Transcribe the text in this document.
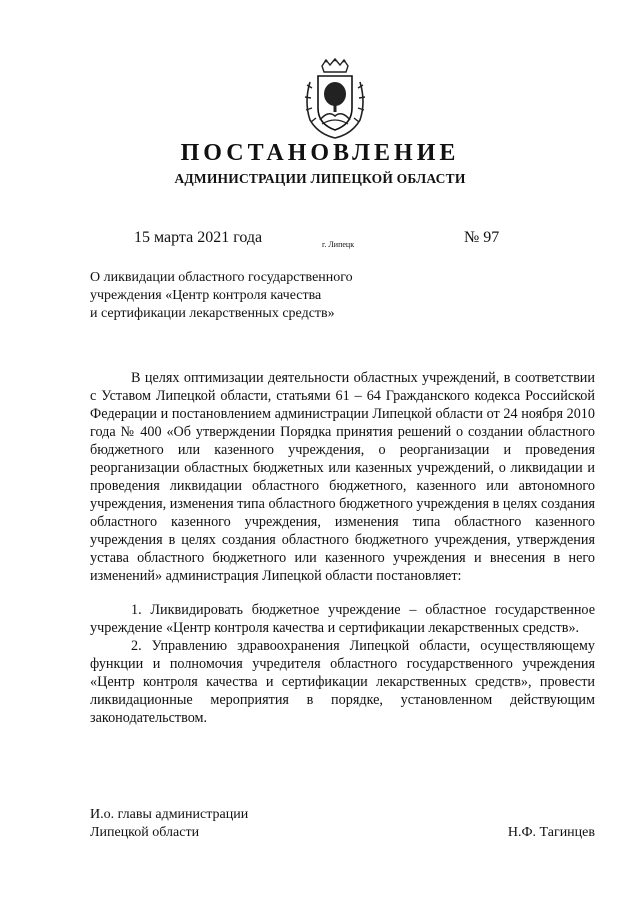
ПОСТАНОВЛЕНИЕ
АДМИНИСТРАЦИИ ЛИПЕЦКОЙ ОБЛАСТИ
15 марта 2021 года	г. Липецк	№ 97
О ликвидации областного государственного
учреждения «Центр контроля качества
и сертификации лекарственных средств»

В целях оптимизации деятельности областных учреждений, в соответствии с Уставом Липецкой области, статьями 61 – 64 Гражданского кодекса Российской Федерации и постановлением администрации Липецкой области от 24 ноября 2010 года № 400 «Об утверждении Порядка принятия решений о создании областного бюджетного или казенного учреждения, о реорганизации и проведения реорганизации областных бюджетных или казенных учреждений, о ликвидации и проведения ликвидации областного бюджетного, казенного или автономного учреждения, изменения типа областного бюджетного учреждения в целях создания областного казенного учреждения, изменения типа областного казенного учреждения в целях создания областного бюджетного учреждения, утверждения устава областного бюджетного или казенного учреждения и внесения в него изменений» администрация Липецкой области постановляет:

1. Ликвидировать бюджетное учреждение – областное государственное учреждение «Центр контроля качества и сертификации лекарственных средств».

2. Управлению здравоохранения Липецкой области, осуществляющему функции и полномочия учредителя областного государственного учреждения «Центр контроля качества и сертификации лекарственных средств», провести ликвидационные мероприятия в порядке, установленном действующим законодательством.

И.о. главы администрации
Липецкой области	Н.Ф. Тагинцев
